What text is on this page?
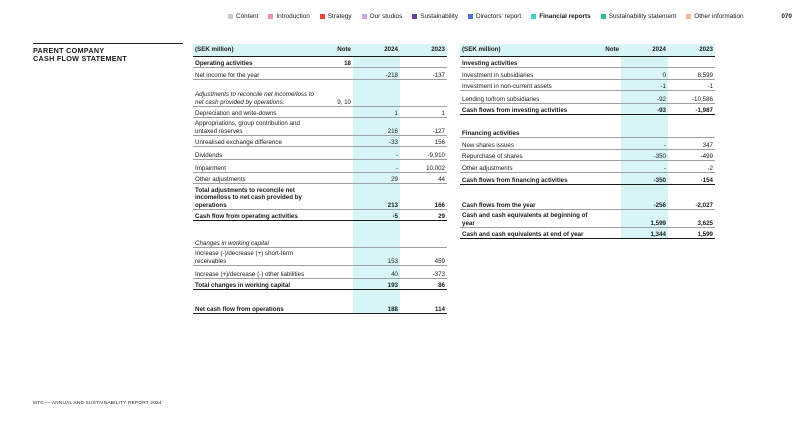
Content	Introduction	Strategy	Our studios	Sustainability	Directors' report	Financial reports	Sustainability statement	Other information	070
PARENT COMPANY
CASH FLOW STATEMENT
(SEK million)	Note	2024	2023
Operating activities	18		
Net income for the year		-218	-137

Adjustments to reconcile net income/loss to net cash provided by operations:	9, 10		
Depreciation and write-downs		1	1
Appropriations, group contribution and untaxed reserves		216	-127
Unrealised exchange difference		-33	156
Dividends		-	-9,910
Impairment		-	10,002
Other adjustments		29	44
Total adjustments to reconcile net income/loss to net cash provided by operations		213	166
Cash flow from operating activities		-5	29

Changes in working capital			
Increase (-)/decrease (+) short-term receivables		153	459
Increase (+)/decrease (-) other liabilities		40	-373
Total changes in working capital		193	86

Net cash flow from operations		188	114
(SEK million)	Note	2024	2023
Investing activities			
Investment in subsidiaries		0	8,599
Investment in non-current assets		-1	-1
Lending to/from subsidiaries		-92	-10,586
Cash flows from investing activities		-93	-1,987

Financing activities			
New shares issues		-	347
Repurchase of shares		-350	-499
Other adjustments		-	-2
Cash flows from financing activities		-350	-154

Cash flows from the year		-256	-2,027
Cash and cash equivalents at beginning of year		1,599	3,625
Cash and cash equivalents at end of year		1,344	1,599
MTG — ANNUAL AND SUSTAINABILITY REPORT 2024
